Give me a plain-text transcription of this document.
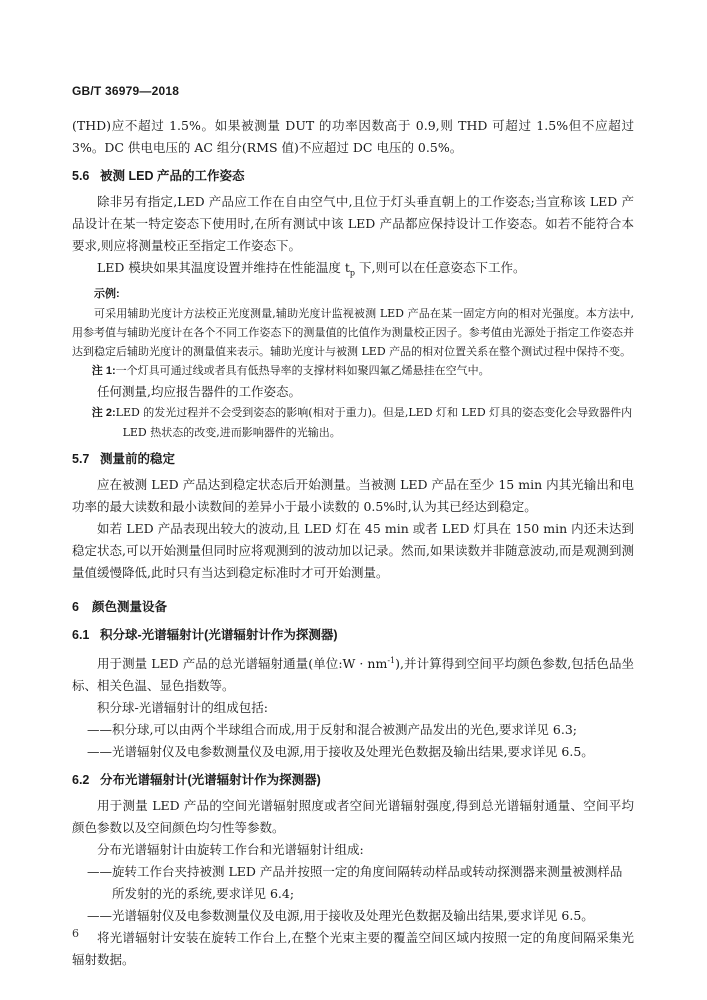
GB/T 36979—2018

(THD)应不超过 1.5%。如果被测量 DUT 的功率因数高于 0.9,则 THD 可超过 1.5%但不应超过 3%。DC 供电电压的 AC 组分(RMS 值)不应超过 DC 电压的 0.5%。

5.6 被测 LED 产品的工作姿态

除非另有指定,LED 产品应工作在自由空气中,且位于灯头垂直朝上的工作姿态;当宣称该 LED 产品设计在某一特定姿态下使用时,在所有测试中该 LED 产品都应保持设计工作姿态。如若不能符合本要求,则应将测量校正至指定工作姿态下。

LED 模块如果其温度设置并维持在性能温度 $t_p$ 下,则可以在任意姿态下工作。

示例:

可采用辅助光度计方法校正光度测量,辅助光度计监视被测 LED 产品在某一固定方向的相对光强度。本方法中,用参考值与辅助光度计在各个不同工作姿态下的测量值的比值作为测量校正因子。参考值由光源处于指定工作姿态并达到稳定后辅助光度计的测量值来表示。辅助光度计与被测 LED 产品的相对位置关系在整个测试过程中保持不变。

注 1:一个灯具可通过线或者具有低热导率的支撑材料如聚四氟乙烯悬挂在空气中。

任何测量,均应报告器件的工作姿态。

注 2:LED 的发光过程并不会受到姿态的影响(相对于重力)。但是,LED 灯和 LED 灯具的姿态变化会导致器件内 LED 热状态的改变,进而影响器件的光输出。

5.7 测量前的稳定

应在被测 LED 产品达到稳定状态后开始测量。当被测 LED 产品在至少 15 min 内其光输出和电功率的最大读数和最小读数间的差异小于最小读数的 0.5%时,认为其已经达到稳定。

如若 LED 产品表现出较大的波动,且 LED 灯在 45 min 或者 LED 灯具在 150 min 内还未达到稳定状态,可以开始测量但同时应将观测到的波动加以记录。然而,如果读数并非随意波动,而是观测到测量值缓慢降低,此时只有当达到稳定标准时才可开始测量。

6 颜色测量设备
6.1 积分球-光谱辐射计(光谱辐射计作为探测器)

用于测量 LED 产品的总光谱辐射通量(单位:W · $nm^{-1}$),并计算得到空间平均颜色参数,包括色品坐标、相关色温、显色指数等。

积分球-光谱辐射计的组成包括:

——积分球,可以由两个半球组合而成,用于反射和混合被测产品发出的光色,要求详见 6.3;

——光谱辐射仪及电参数测量仪及电源,用于接收及处理光色数据及输出结果,要求详见 6.5。

6.2 分布光谱辐射计(光谱辐射计作为探测器)

用于测量 LED 产品的空间光谱辐射照度或者空间光谱辐射强度,得到总光谱辐射通量、空间平均颜色参数以及空间颜色均匀性等参数。

分布光谱辐射计由旋转工作台和光谱辐射计组成:

——旋转工作台夹持被测 LED 产品并按照一定的角度间隔转动样品或转动探测器来测量被测样品所发射的光的系统,要求详见 6.4;

——光谱辐射仪及电参数测量仪及电源,用于接收及处理光色数据及输出结果,要求详见 6.5。

将光谱辐射计安装在旋转工作台上,在整个光束主要的覆盖空间区域内按照一定的角度间隔采集光辐射数据。

6
